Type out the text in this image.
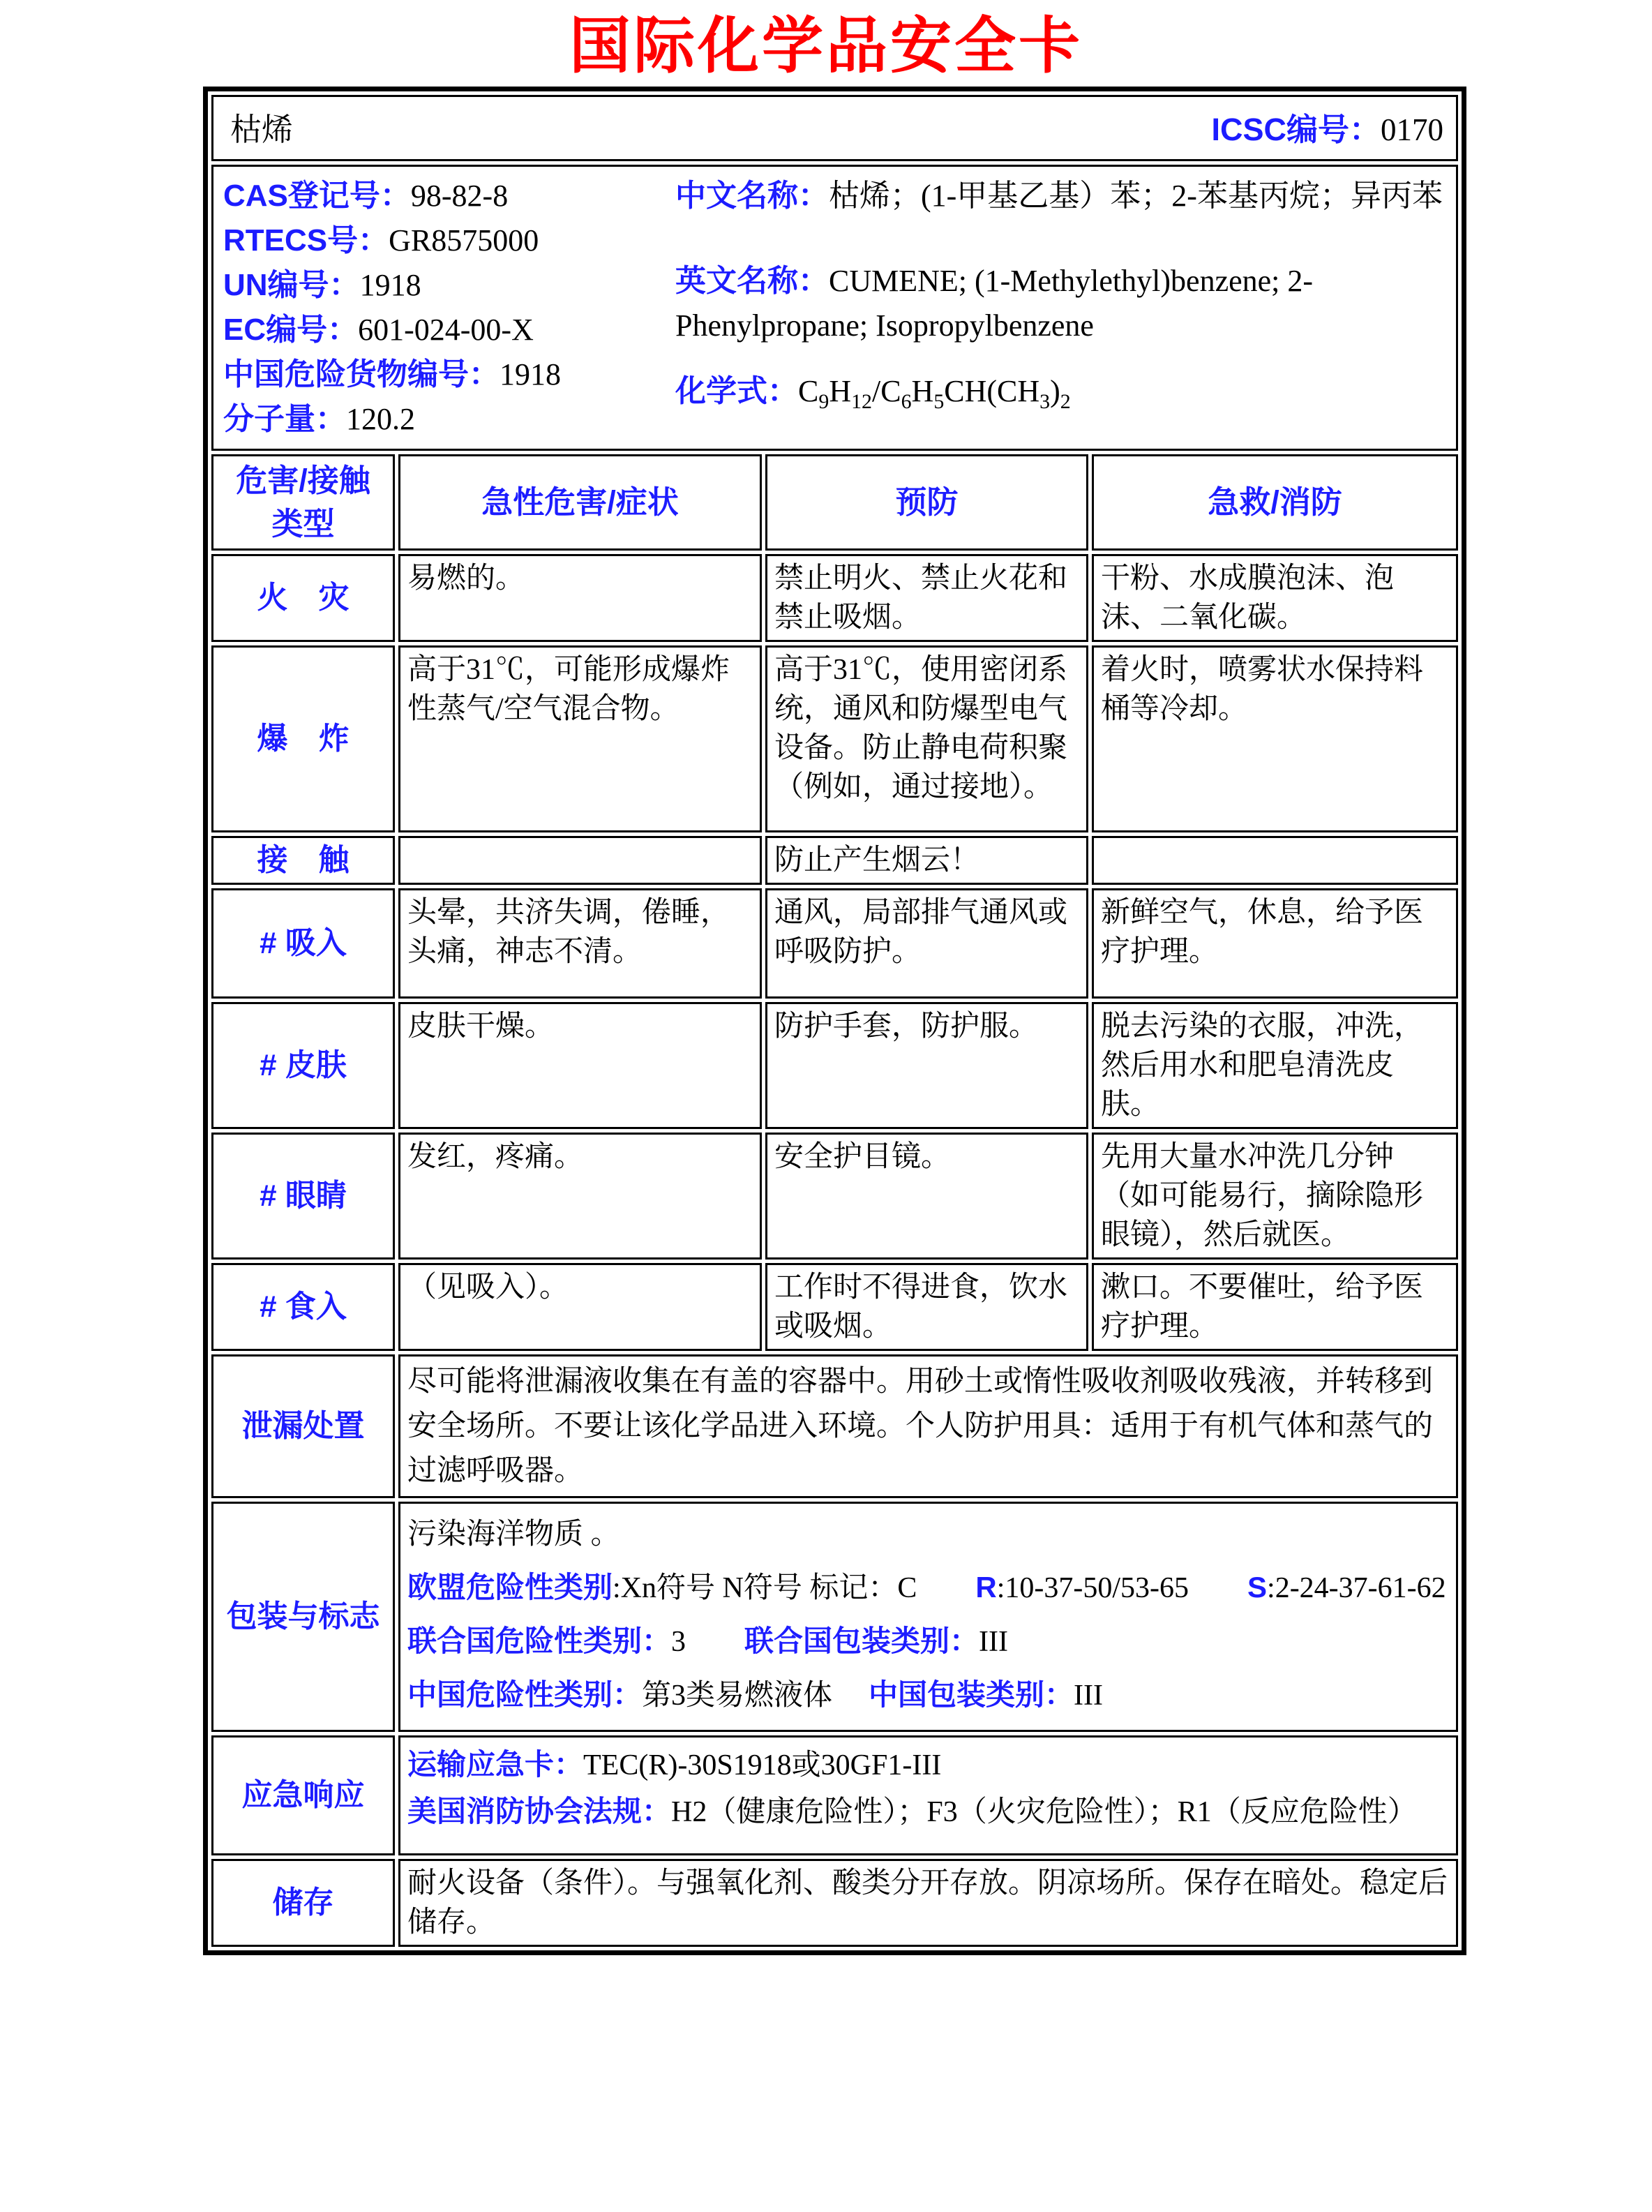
国际化学品安全卡
枯烯 ICSC编号：0170			

CAS登记号：98-82-8
RTECS号：GR8575000
UN编号：1918
EC编号：601-024-00-X
中国危险货物编号：1918
分子量：120.2
中文名称：枯烯；(1-甲基乙基）苯；2-苯基丙烷；异丙苯
英文名称：CUMENE; (1-Methylethyl)benzene; 2-Phenylpropane; Isopropylbenzene
化学式：$C_9H_{12}/C_6H_5CH(CH_3)_2$

危害/接触
类型	急性危害/症状	预防	急救/消防
火　灾	易燃的。	禁止明火、禁止火花和禁止吸烟。	干粉、水成膜泡沫、泡沫、二氧化碳。
爆　炸	高于31℃，可能形成爆炸性蒸气/空气混合物。	高于31℃，使用密闭系统，通风和防爆型电气设备。防止静电荷积聚（例如，通过接地）。	着火时，喷雾状水保持料桶等冷却。
接　触		防止产生烟云！	
# 吸入	头晕，共济失调，倦睡，头痛，神志不清。	通风，局部排气通风或呼吸防护。	新鲜空气，休息，给予医疗护理。
# 皮肤	皮肤干燥。	防护手套，防护服。	脱去污染的衣服，冲洗，然后用水和肥皂清洗皮肤。
# 眼睛	发红，疼痛。	安全护目镜。	先用大量水冲洗几分钟（如可能易行，摘除隐形眼镜），然后就医。
# 食入	（见吸入）。	工作时不得进食，饮水或吸烟。	漱口。不要催吐，给予医疗护理。
泄漏处置	尽可能将泄漏液收集在有盖的容器中。用砂土或惰性吸收剂吸收残液，并转移到安全场所。不要让该化学品进入环境。个人防护用具：适用于有机气体和蒸气的过滤呼吸器。		
包装与标志	污染海洋物质 。
欧盟危险性类别:Xn符号 N符号 标记：C R:10-37-50/53-65 S:2-24-37-61-62
联合国危险性类别：3 联合国包装类别：III
中国危险性类别：第3类易燃液体 中国包装类别：III		

应急响应	运输应急卡：TEC(R)-30S1918或30GF1-III
美国消防协会法规：H2（健康危险性）；F3（火灾危险性）；R1（反应危险性）		

储存	耐火设备（条件）。与强氧化剂、酸类分开存放。阴凉场所。保存在暗处。稳定后储存。		
